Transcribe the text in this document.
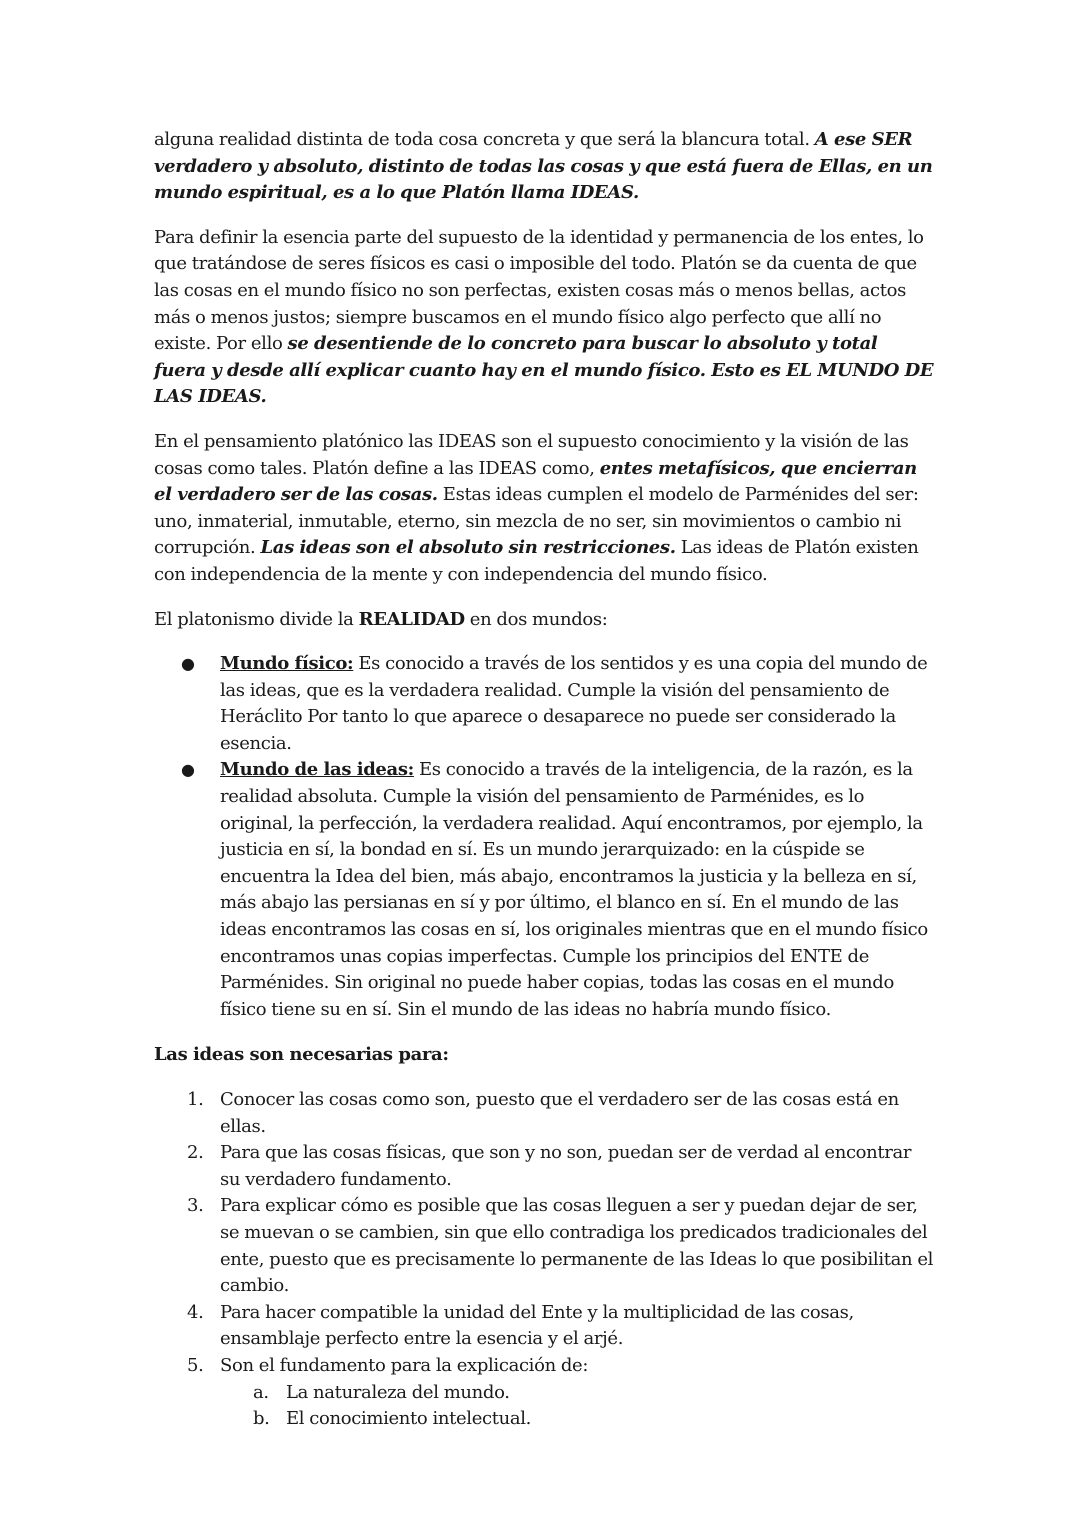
alguna realidad distinta de toda cosa concreta y que será la blancura total. A ese SER verdadero y absoluto, distinto de todas las cosas y que está fuera de Ellas, en un mundo espiritual, es a lo que Platón llama IDEAS.

Para definir la esencia parte del supuesto de la identidad y permanencia de los entes, lo que tratándose de seres físicos es casi o imposible del todo. Platón se da cuenta de que las cosas en el mundo físico no son perfectas, existen cosas más o menos bellas, actos más o menos justos; siempre buscamos en el mundo físico algo perfecto que allí no existe. Por ello se desentiende de lo concreto para buscar lo absoluto y total fuera y desde allí explicar cuanto hay en el mundo físico. Esto es EL MUNDO DE LAS IDEAS.

En el pensamiento platónico las IDEAS son el supuesto conocimiento y la visión de las cosas como tales. Platón define a las IDEAS como, entes metafísicos, que encierran el verdadero ser de las cosas. Estas ideas cumplen el modelo de Parménides del ser: uno, inmaterial, inmutable, eterno, sin mezcla de no ser, sin movimientos o cambio ni corrupción. Las ideas son el absoluto sin restricciones. Las ideas de Platón existen con independencia de la mente y con independencia del mundo físico.

El platonismo divide la REALIDAD en dos mundos:

● Mundo físico: Es conocido a través de los sentidos y es una copia del mundo de las ideas, que es la verdadera realidad. Cumple la visión del pensamiento de Heráclito Por tanto lo que aparece o desaparece no puede ser considerado la esencia.
● Mundo de las ideas: Es conocido a través de la inteligencia, de la razón, es la realidad absoluta. Cumple la visión del pensamiento de Parménides, es lo original, la perfección, la verdadera realidad. Aquí encontramos, por ejemplo, la justicia en sí, la bondad en sí. Es un mundo jerarquizado: en la cúspide se encuentra la Idea del bien, más abajo, encontramos la justicia y la belleza en sí, más abajo las persianas en sí y por último, el blanco en sí. En el mundo de las ideas encontramos las cosas en sí, los originales mientras que en el mundo físico encontramos unas copias imperfectas. Cumple los principios del ENTE de Parménides. Sin original no puede haber copias, todas las cosas en el mundo físico tiene su en sí. Sin el mundo de las ideas no habría mundo físico.

Las ideas son necesarias para:

1. Conocer las cosas como son, puesto que el verdadero ser de las cosas está en ellas.
2. Para que las cosas físicas, que son y no son, puedan ser de verdad al encontrar su verdadero fundamento.
3. Para explicar cómo es posible que las cosas lleguen a ser y puedan dejar de ser, se muevan o se cambien, sin que ello contradiga los predicados tradicionales del ente, puesto que es precisamente lo permanente de las Ideas lo que posibilitan el cambio.
4. Para hacer compatible la unidad del Ente y la multiplicidad de las cosas, ensamblaje perfecto entre la esencia y el arjé.
5. Son el fundamento para la explicación de:
a. La naturaleza del mundo.
b. El conocimiento intelectual.
